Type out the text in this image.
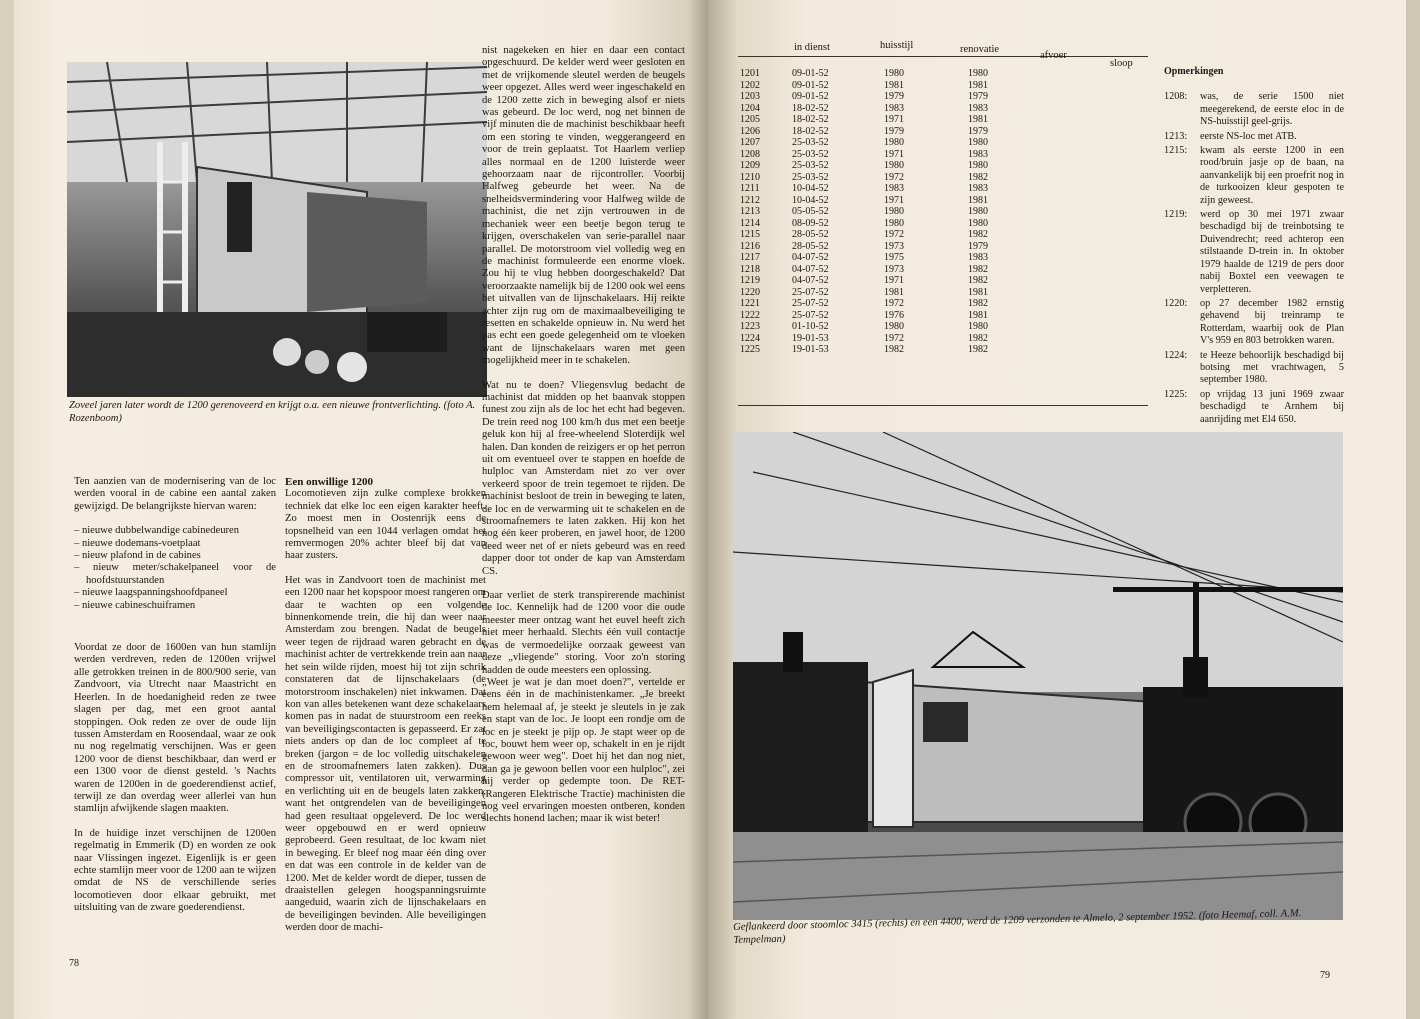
Zoveel jaren later wordt de 1200 gerenoveerd en krijgt o.a. een nieuwe frontverlichting. (foto A. Rozenboom)

Ten aanzien van de modernisering van de loc werden vooral in de cabine een aantal zaken gewijzigd. De belangrijkste hiervan waren:

– nieuwe dubbelwandige cabinedeuren
– nieuwe dodemans-voetplaat
– nieuw plafond in de cabines
– nieuw meter/schakelpaneel voor de hoofdstuurstanden
– nieuwe laagspanningshoofdpaneel
– nieuwe cabineschuiframen

Voordat ze door de 1600en van hun stamlijn werden verdreven, reden de 1200en vrijwel alle getrokken treinen in de 800/900 serie, van Zandvoort, via Utrecht naar Maastricht en Heerlen. In de hoedanigheid reden ze twee slagen per dag, met een groot aantal stoppingen. Ook reden ze over de oude lijn tussen Amsterdam en Roosendaal, waar ze ook nu nog regelmatig verschijnen. Was er geen 1200 voor de dienst beschikbaar, dan werd er een 1300 voor de dienst gesteld. 's Nachts waren de 1200en in de goederendienst actief, terwijl ze dan overdag weer allerlei van hun stamlijn afwijkende slagen maakten.

In de huidige inzet verschijnen de 1200en regelmatig in Emmerik (D) en worden ze ook naar Vlissingen ingezet. Eigenlijk is er geen echte stamlijn meer voor de 1200 aan te wijzen omdat de NS de verschillende series locomotieven door elkaar gebruikt, met uitsluiting van de zware goederendienst.

Een onwillige 1200

Locomotieven zijn zulke complexe brokken techniek dat elke loc een eigen karakter heeft. Zo moest men in Oostenrijk eens de topsnelheid van een 1044 verlagen omdat het remvermogen 20% achter bleef bij dat van haar zusters.

Het was in Zandvoort toen de machinist met een 1200 naar het kopspoor moest rangeren om daar te wachten op een volgende binnenkomende trein, die hij dan weer naar Amsterdam zou brengen. Nadat de beugels weer tegen de rijdraad waren gebracht en de machinist achter de vertrekkende trein aan naar het sein wilde rijden, moest hij tot zijn schrik constateren dat de lijnschakelaars (de motorstroom inschakelen) niet inkwamen. Dat kon van alles betekenen want deze schakelaars komen pas in nadat de stuurstroom een reeks van beveiligingscontacten is gepasseerd. Er zat niets anders op dan de loc compleet af te breken (jargon = de loc volledig uitschakelen en de stroomafnemers laten zakken). Dus compressor uit, ventilatoren uit, verwarming en verlichting uit en de beugels laten zakken, want het ontgrendelen van de beveiligingen had geen resultaat opgeleverd. De loc werd weer opgebouwd en er werd opnieuw geprobeerd. Geen resultaat, de loc kwam niet in beweging. Er bleef nog maar één ding over en dat was een controle in de kelder van de 1200. Met de kelder wordt de dieper, tussen de draaistellen gelegen hoogspanningsruimte aangeduid, waarin zich de lijnschakelaars en de beveiligingen bevinden. Alle beveiligingen werden door de machi-

nist nagekeken en hier en daar een contact opgeschuurd. De kelder werd weer gesloten en met de vrijkomende sleutel werden de beugels weer opgezet. Alles werd weer ingeschakeld en de 1200 zette zich in beweging alsof er niets was gebeurd. De loc werd, nog net binnen de vijf minuten die de machinist beschikbaar heeft om een storing te vinden, weggerangeerd en voor de trein geplaatst. Tot Haarlem verliep alles normaal en de 1200 luisterde weer gehoorzaam naar de rijcontroller. Voorbij Halfweg gebeurde het weer. Na de snelheidsvermindering voor Halfweg wilde de machinist, die net zijn vertrouwen in de mechaniek weer een beetje begon terug te krijgen, overschakelen van serie-parallel naar parallel. De motorstroom viel volledig weg en de machinist formuleerde een enorme vloek. Zou hij te vlug hebben doorgeschakeld? Dat veroorzaakte namelijk bij de 1200 ook wel eens het uitvallen van de lijnschakelaars. Hij reikte achter zijn rug om de maximaalbeveiliging te resetten en schakelde opnieuw in. Nu werd het pas echt een goede gelegenheid om te vloeken want de lijnschakelaars waren met geen mogelijkheid meer in te schakelen.

Wat nu te doen? Vliegensvlug bedacht de machinist dat midden op het baanvak stoppen funest zou zijn als de loc het echt had begeven. De trein reed nog 100 km/h dus met een beetje geluk kon hij al free-wheelend Sloterdijk wel halen. Dan konden de reizigers er op het perron uit om eventueel over te stappen en hoefde de hulploc van Amsterdam niet zo ver over verkeerd spoor de trein tegemoet te rijden. De machinist besloot de trein in beweging te laten, de loc en de verwarming uit te schakelen en de stroomafnemers te laten zakken. Hij kon het nog één keer proberen, en jawel hoor, de 1200 deed weer net of er niets gebeurd was en reed dapper door tot onder de kap van Amsterdam CS.

Daar verliet de sterk transpirerende machinist de loc. Kennelijk had de 1200 voor die oude meester meer ontzag want het euvel heeft zich niet meer herhaald. Slechts één vuil contactje was de vermoedelijke oorzaak geweest van deze „vliegende" storing. Voor zo'n storing hadden de oude meesters een oplossing.

„Weet je wat je dan moet doen?", vertelde er eens één in de machinistenkamer. „Je breekt hem helemaal af, je steekt je sleutels in je zak en stapt van de loc. Je loopt een rondje om de loc en je steekt je pijp op. Je stapt weer op de loc, bouwt hem weer op, schakelt in en je rijdt gewoon weer weg". Doet hij het dan nog niet, dan ga je gewoon bellen voor een hulploc", zei hij verder op gedempte toon. De RET- (Rangeren Elektrische Tractie) machinisten die nog veel ervaringen moesten ontberen, konden slechts honend lachen; maar ik wist beter!

78
in dienst	huisstijl	renovatie
afvoer
sloop
1201	09-01-52	1980	1980
1202	09-01-52	1981	1981
1203	09-01-52	1979	1979
1204	18-02-52	1983	1983
1205	18-02-52	1971	1981
1206	18-02-52	1979	1979
1207	25-03-52	1980	1980
1208	25-03-52	1971	1983
1209	25-03-52	1980	1980
1210	25-03-52	1972	1982
1211	10-04-52	1983	1983
1212	10-04-52	1971	1981
1213	05-05-52	1980	1980
1214	08-09-52	1980	1980
1215	28-05-52	1972	1982
1216	28-05-52	1973	1979
1217	04-07-52	1975	1983
1218	04-07-52	1973	1982
1219	04-07-52	1971	1982
1220	25-07-52	1981	1981
1221	25-07-52	1972	1982
1222	25-07-52	1976	1981
1223	01-10-52	1980	1980
1224	19-01-53	1972	1982
1225	19-01-53	1982	1982
Opmerkingen
1208:	was, de serie 1500 niet meegerekend, de eerste eloc in de NS-huisstijl geel-grijs.
1213:	eerste NS-loc met ATB.
1215:	kwam als eerste 1200 in een rood/bruin jasje op de baan, na aanvankelijk bij een proefrit nog in de turkooizen kleur gespoten te zijn geweest.
1219:	werd op 30 mei 1971 zwaar beschadigd bij de treinbotsing te Duivendrecht; reed achterop een stilstaande D-trein in. In oktober 1979 haalde de 1219 de pers door nabij Boxtel een veewagen te verpletteren.
1220:	op 27 december 1982 ernstig gehavend bij treinramp te Rotterdam, waarbij ook de Plan V's 959 en 803 betrokken waren.
1224:	te Heeze behoorlijk beschadigd bij botsing met vrachtwagen, 5 september 1980.
1225:	op vrijdag 13 juni 1969 zwaar beschadigd te Arnhem bij aanrijding met El4 650.
Geflankeerd door stoomloc 3415 (rechts) en een 4400, werd de 1209 verzonden te Almelo, 2 september 1952. (foto Heemaf, coll. A.M. Tempelman)
79
